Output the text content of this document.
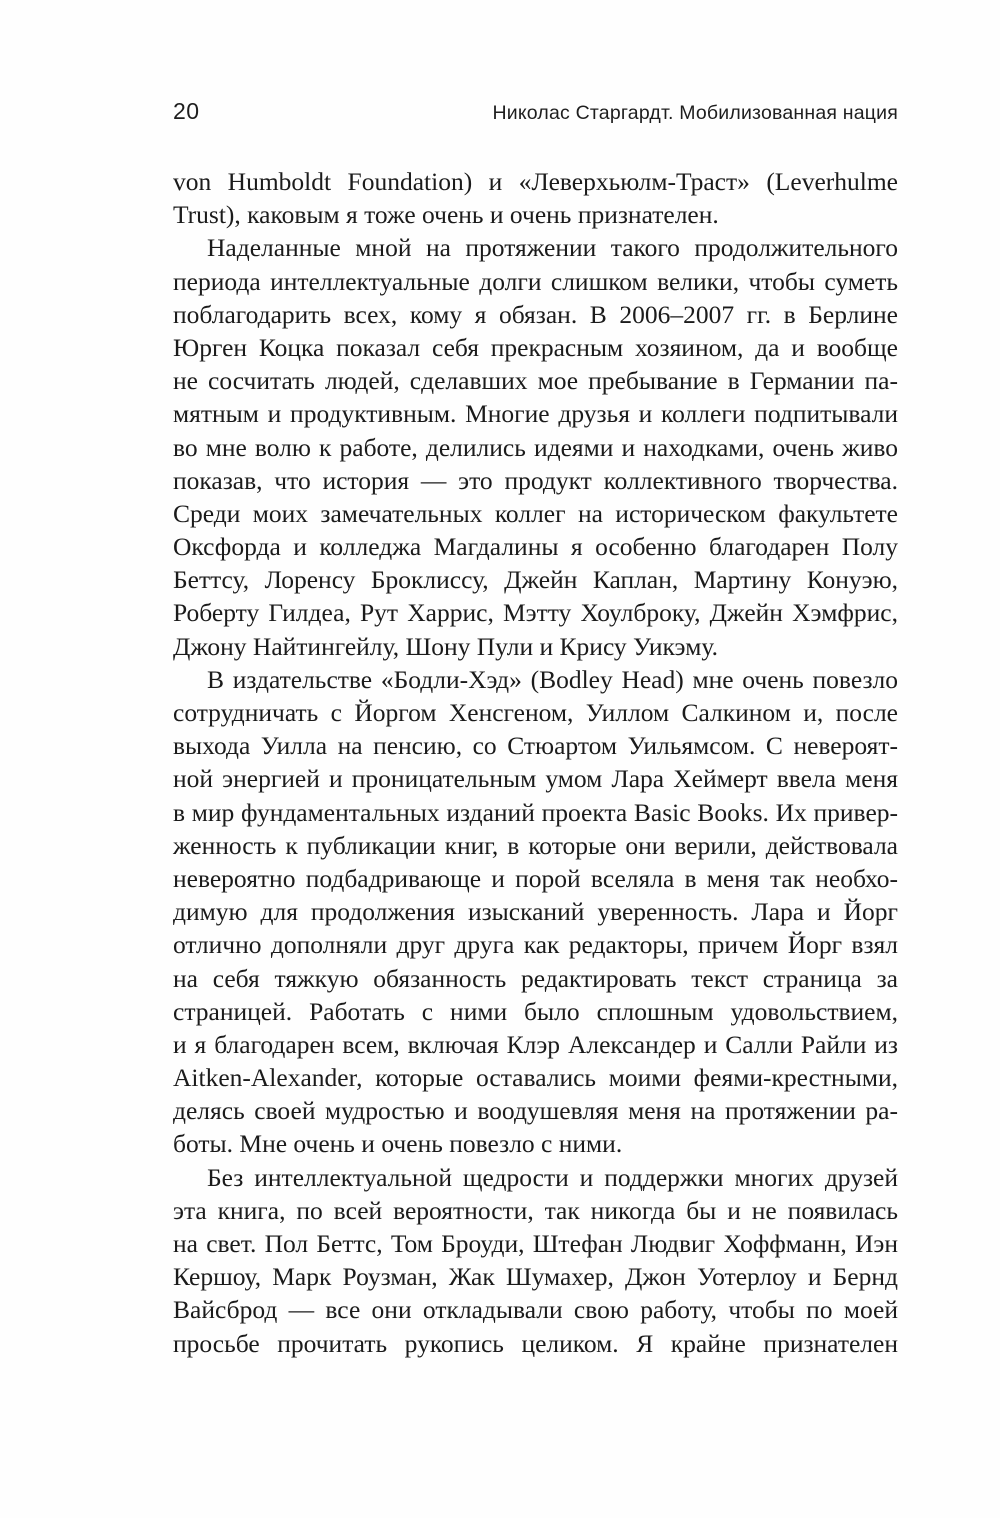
20	Николас Старгардт. Мобилизованная нация
von Humboldt Foundation) и «Леверхьюлм-Траст» (Leverhulme
Trust), каковым я тоже очень и очень признателен.
Наделанные мной на протяжении такого продолжительного
периода интеллектуальные долги слишком велики, чтобы суметь
поблагодарить всех, кому я обязан. В 2006–2007 гг. в Берлине
Юрген Коцка показал себя прекрасным хозяином, да и вообще
не сосчитать людей, сделавших мое пребывание в Германии па-
мятным и продуктивным. Многие друзья и коллеги подпитывали
во мне волю к работе, делились идеями и находками, очень живо
показав, что история — это продукт коллективного творчества.
Среди моих замечательных коллег на историческом факультете
Оксфорда и колледжа Магдалины я особенно благодарен Полу
Беттсу, Лоренсу Броклиссу, Джейн Каплан, Мартину Конуэю,
Роберту Гилдеа, Рут Харрис, Мэтту Хоулброку, Джейн Хэмфрис,
Джону Найтингейлу, Шону Пули и Крису Уикэму.
В издательстве «Бодли-Хэд» (Bodley Head) мне очень повезло
сотрудничать с Йоргом Хенсгеном, Уиллом Салкином и, после
выхода Уилла на пенсию, со Стюартом Уильямсом. С невероят-
ной энергией и проницательным умом Лара Хеймерт ввела меня
в мир фундаментальных изданий проекта Basic Books. Их привер-
женность к публикации книг, в которые они верили, действовала
невероятно подбадривающе и порой вселяла в меня так необхо-
димую для продолжения изысканий уверенность. Лара и Йорг
отлично дополняли друг друга как редакторы, причем Йорг взял
на себя тяжкую обязанность редактировать текст страница за
страницей. Работать с ними было сплошным удовольствием,
и я благодарен всем, включая Клэр Александер и Салли Райли из
Aitken-Alexander, которые оставались моими феями-крестными,
делясь своей мудростью и воодушевляя меня на протяжении ра-
боты. Мне очень и очень повезло с ними.
Без интеллектуальной щедрости и поддержки многих друзей
эта книга, по всей вероятности, так никогда бы и не появилась
на свет. Пол Беттс, Том Броуди, Штефан Людвиг Хоффманн, Иэн
Кершоу, Марк Роузман, Жак Шумахер, Джон Уотерлоу и Бернд
Вайсброд — все они откладывали свою работу, чтобы по моей
просьбе прочитать рукопись целиком. Я крайне признателен
